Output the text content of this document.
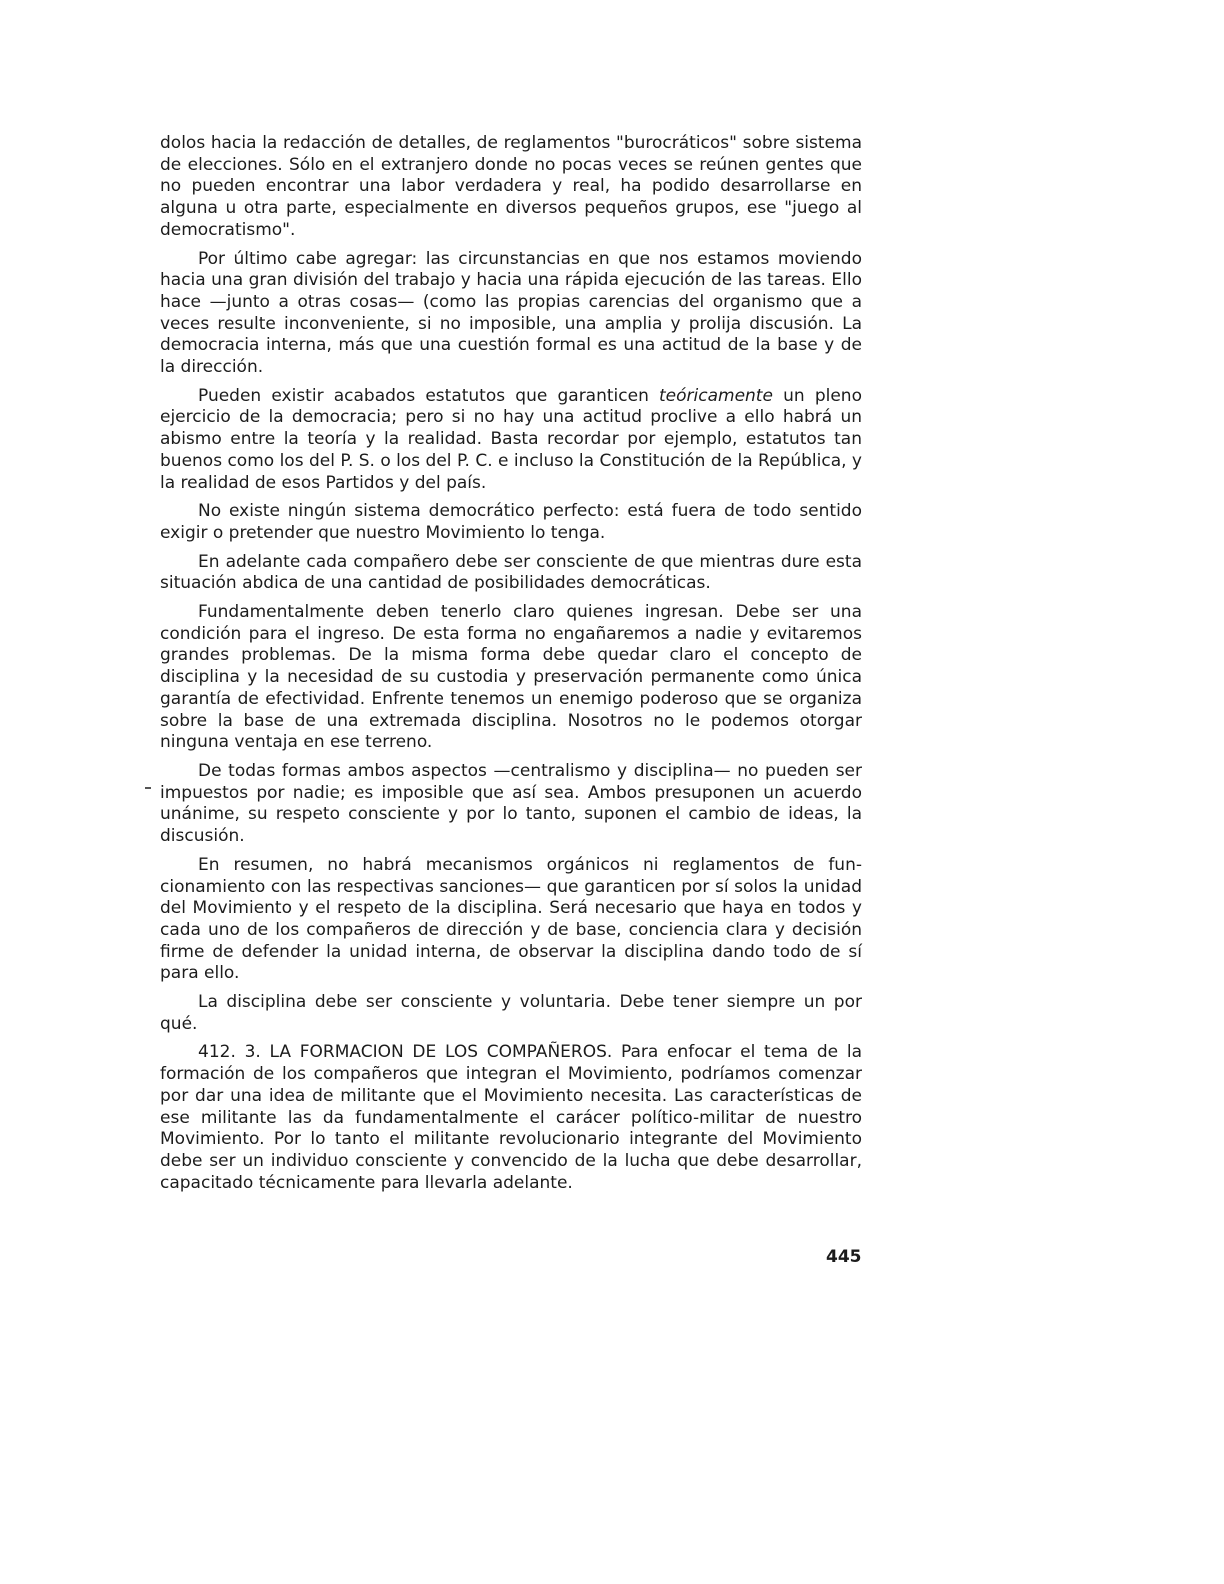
dolos hacia la redacción de detalles, de reglamentos "burocráticos" sobre sistema de elecciones. Sólo en el extranjero donde no pocas veces se reúnen gentes que no pueden encontrar una labor verdadera y real, ha podido desarrollarse en alguna u otra parte, especialmente en diversos pequeños grupos, ese "juego al democratismo".

Por último cabe agregar: las circunstancias en que nos estamos moviendo hacia una gran división del trabajo y hacia una rápida ejecución de las tareas. Ello hace —junto a otras cosas— (como las propias carencias del organismo que a veces resulte inconveniente, si no imposible, una amplia y prolija discusión. La democracia interna, más que una cuestión formal es una actitud de la base y de la dirección.

Pueden existir acabados estatutos que garanticen teóricamente un pleno ejercicio de la democracia; pero si no hay una actitud proclive a ello habrá un abismo entre la teoría y la realidad. Basta recordar por ejemplo, estatutos tan buenos como los del P. S. o los del P. C. e incluso la Constitución de la República, y la realidad de esos Partidos y del país.

No existe ningún sistema democrático perfecto: está fuera de todo sentido exigir o pretender que nuestro Movimiento lo tenga.

En adelante cada compañero debe ser consciente de que mientras dure esta situación abdica de una cantidad de posibilidades democráticas.

Fundamentalmente deben tenerlo claro quienes ingresan. Debe ser una condición para el ingreso. De esta forma no engañaremos a nadie y evitaremos grandes problemas. De la misma forma debe quedar claro el concepto de disciplina y la necesidad de su custodia y preservación permanente como única garantía de efectividad. Enfrente tenemos un enemigo poderoso que se organiza sobre la base de una extremada disciplina. Nosotros no le podemos otorgar ninguna ventaja en ese terreno.

De todas formas ambos aspectos —centralismo y disciplina— no pueden ser impuestos por nadie; es imposible que así sea. Ambos presuponen un acuerdo unánime, su respeto consciente y por lo tanto, suponen el cambio de ideas, la discusión.

En resumen, no habrá mecanismos orgánicos ni reglamentos de funcionamiento con las respectivas sanciones— que garanticen por sí solos la unidad del Movimiento y el respeto de la disciplina. Será necesario que haya en todos y cada uno de los compañeros de dirección y de base, conciencia clara y decisión firme de defender la unidad interna, de observar la disciplina dando todo de sí para ello.

La disciplina debe ser consciente y voluntaria. Debe tener siempre un por qué.

412. 3. LA FORMACION DE LOS COMPAÑEROS. Para enfocar el tema de la formación de los compañeros que integran el Movimiento, podríamos comenzar por dar una idea de militante que el Movimiento necesita. Las características de ese militante las da fundamentalmente el carácer político-militar de nuestro Movimiento. Por lo tanto el militante revolucionario integrante del Movimiento debe ser un individuo consciente y convencido de la lucha que debe desarrollar, capacitado técnicamente para llevarla adelante.

445
